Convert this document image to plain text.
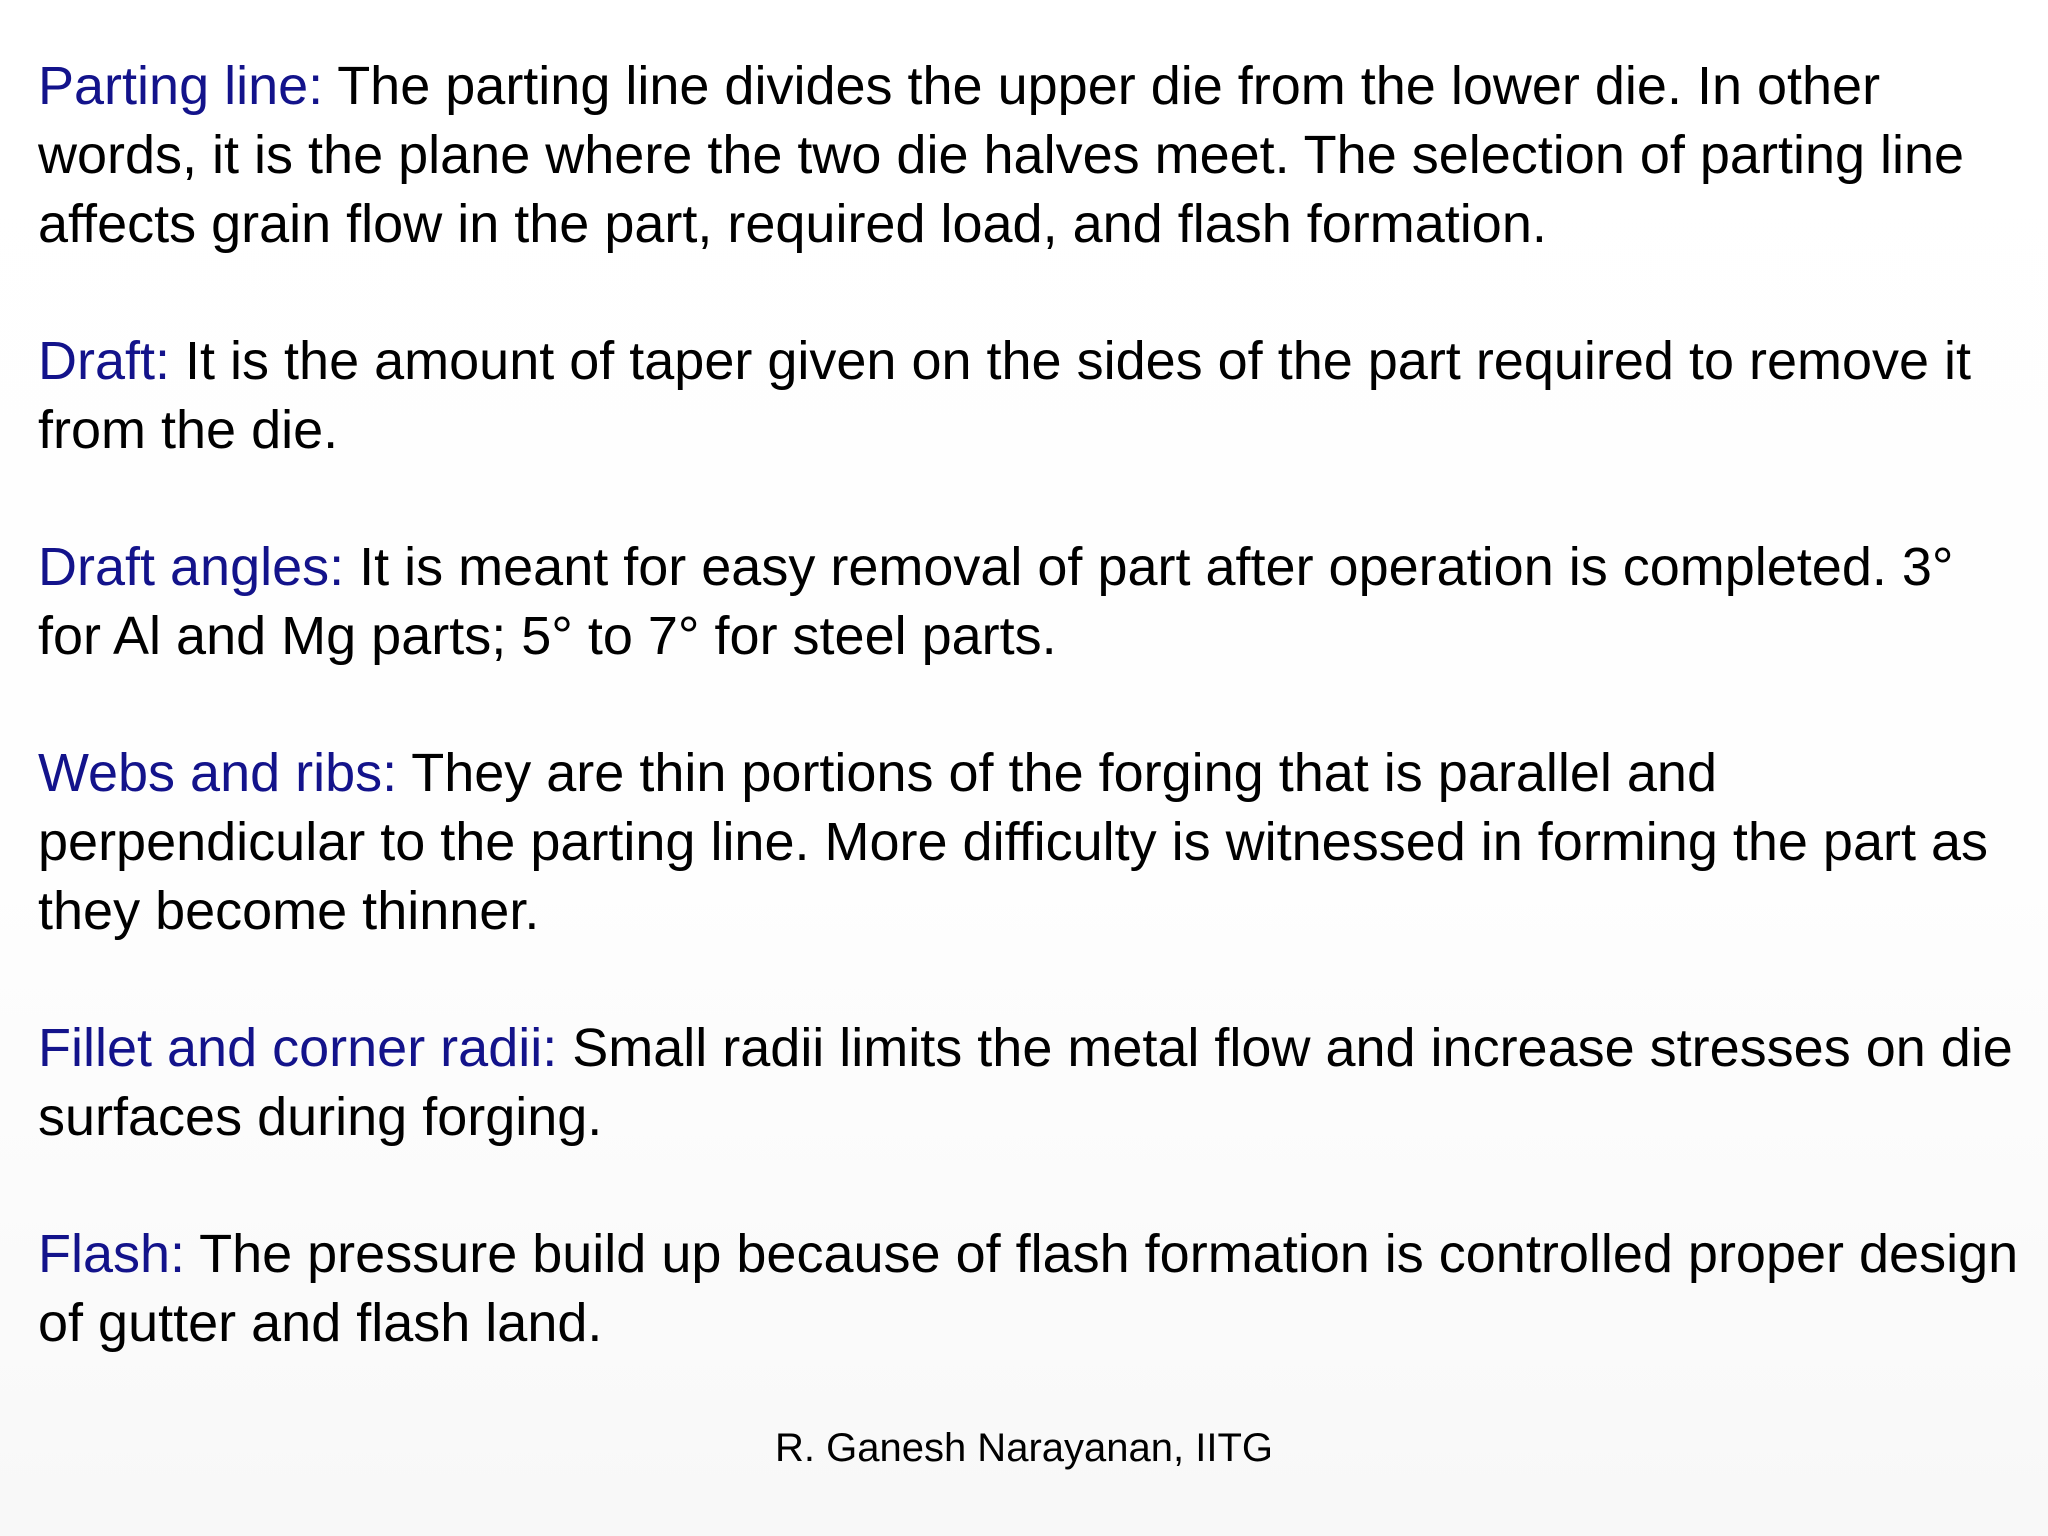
Parting line: The parting line divides the upper die from the lower die. In other words, it is the plane where the two die halves meet. The selection of parting line affects grain flow in the part, required load, and flash formation.

Draft: It is the amount of taper given on the sides of the part required to remove it from the die.

Draft angles: It is meant for easy removal of part after operation is completed. 3° for Al and Mg parts; 5° to 7° for steel parts.

Webs and ribs: They are thin portions of the forging that is parallel and perpendicular to the parting line. More difficulty is witnessed in forming the part as they become thinner.

Fillet and corner radii: Small radii limits the metal flow and increase stresses on die surfaces during forging.

Flash: The pressure build up because of flash formation is controlled proper design of gutter and flash land.

R. Ganesh Narayanan, IITG
